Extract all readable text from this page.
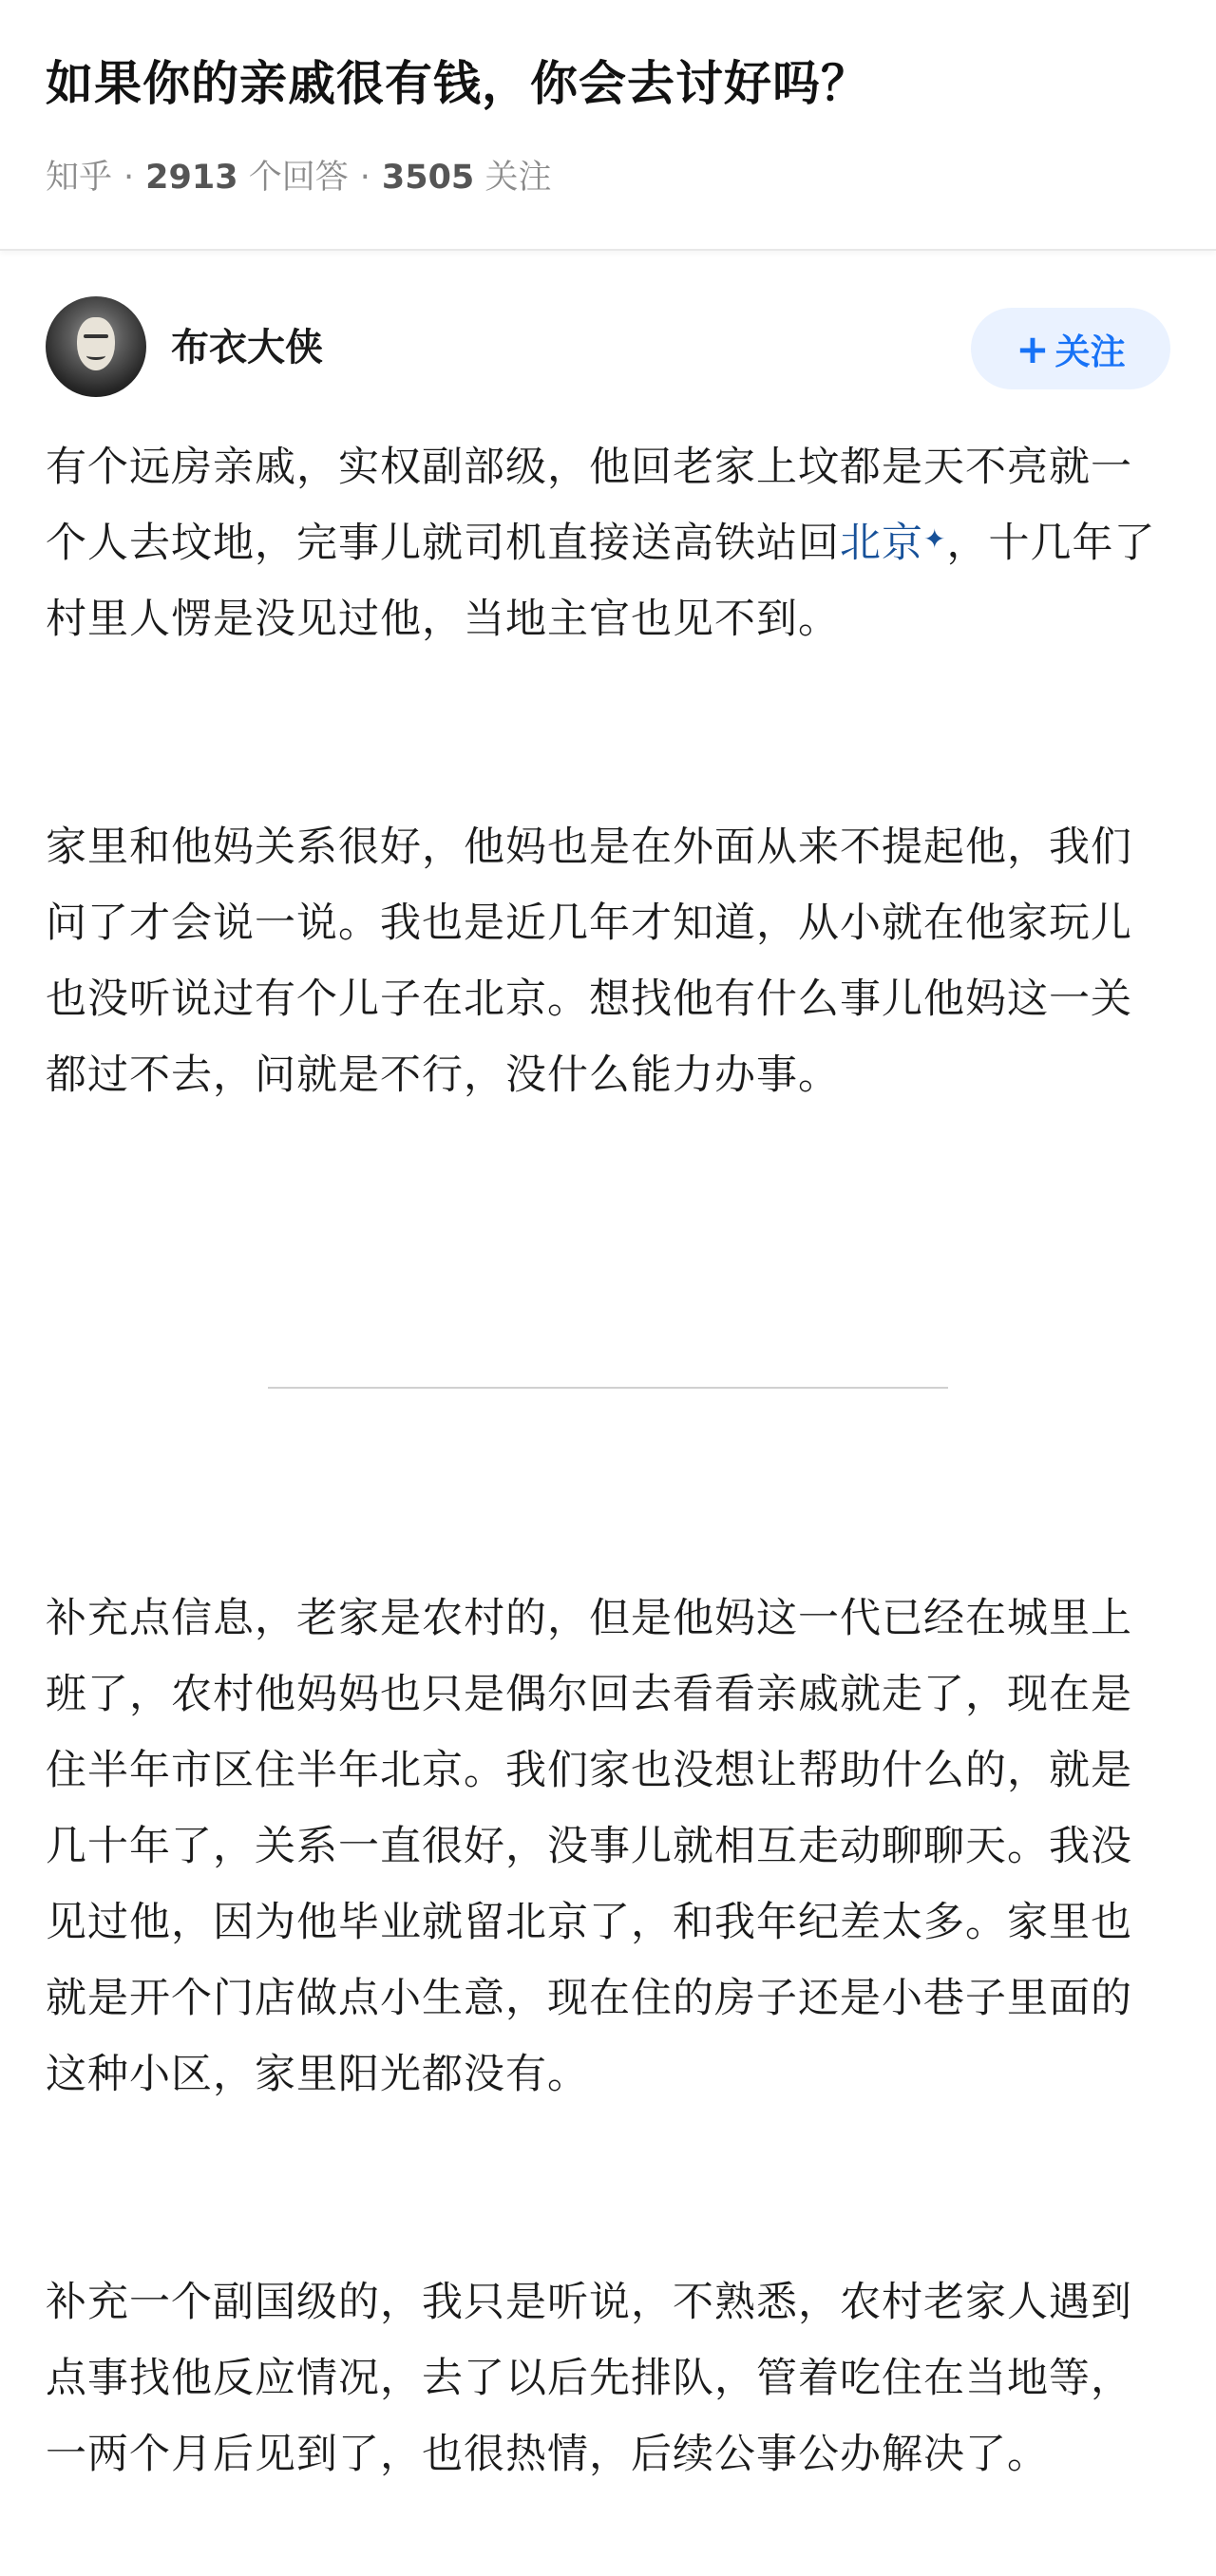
如果你的亲戚很有钱，你会去讨好吗？
知乎 · 2913 个回答 · 3505 关注
布衣大侠	+ 关注

有个远房亲戚，实权副部级，他回老家上坟都是天不亮就一个人去坟地，完事儿就司机直接送高铁站回北京✦，十几年了村里人愣是没见过他，当地主官也见不到。

家里和他妈关系很好，他妈也是在外面从来不提起他，我们问了才会说一说。我也是近几年才知道，从小就在他家玩儿也没听说过有个儿子在北京。想找他有什么事儿他妈这一关都过不去，问就是不行，没什么能力办事。

补充点信息，老家是农村的，但是他妈这一代已经在城里上班了，农村他妈妈也只是偶尔回去看看亲戚就走了，现在是住半年市区住半年北京。我们家也没想让帮助什么的，就是几十年了，关系一直很好，没事儿就相互走动聊聊天。我没见过他，因为他毕业就留北京了，和我年纪差太多。家里也就是开个门店做点小生意，现在住的房子还是小巷子里面的这种小区，家里阳光都没有。

补充一个副国级的，我只是听说，不熟悉，农村老家人遇到点事找他反应情况，去了以后先排队，管着吃住在当地等，一两个月后见到了，也很热情，后续公事公办解决了。
